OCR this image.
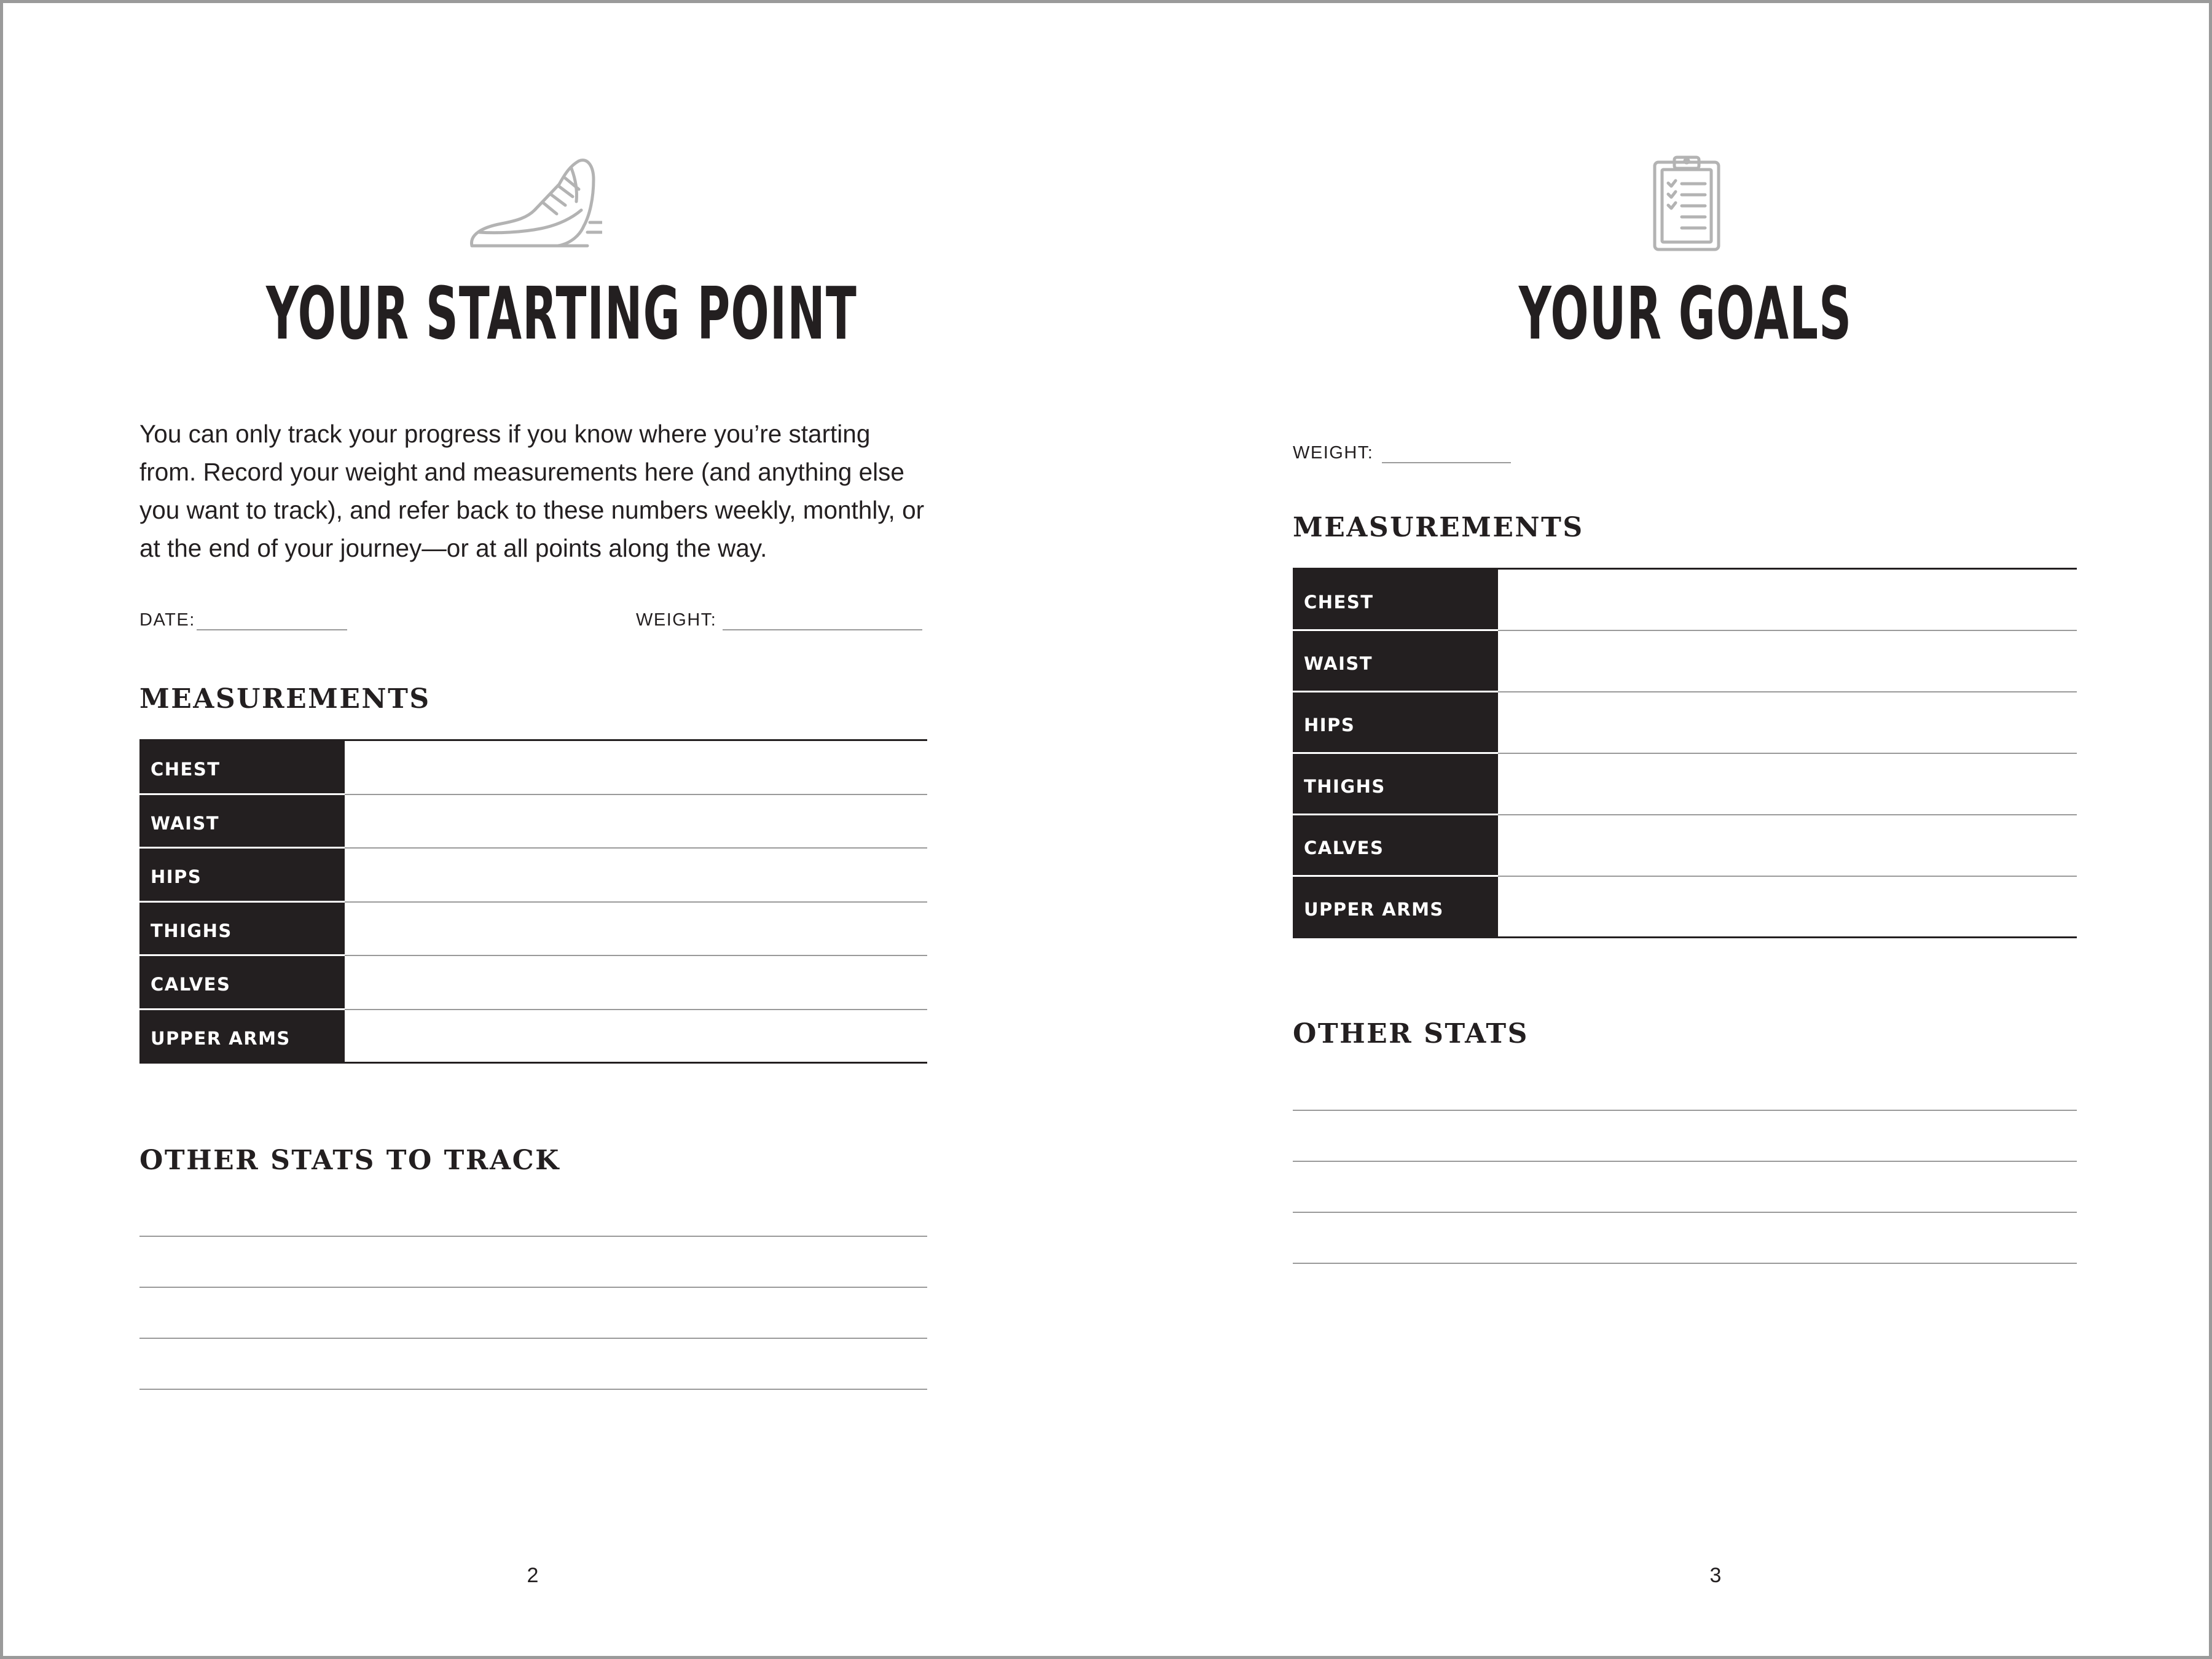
YOUR STARTING POINT
You can only track your progress if you know where you’re starting from. Record your weight and measurements here (and anything else you want to track), and refer back to these numbers weekly, monthly, or at the end of your journey—or at all points along the way.
DATE:	WEIGHT:
MEASUREMENTS
CHEST
WAIST
HIPS
THIGHS
CALVES
UPPER ARMS
OTHER STATS TO TRACK
2
YOUR GOALS
WEIGHT:
MEASUREMENTS
CHEST
WAIST
HIPS
THIGHS
CALVES
UPPER ARMS
OTHER STATS
3
